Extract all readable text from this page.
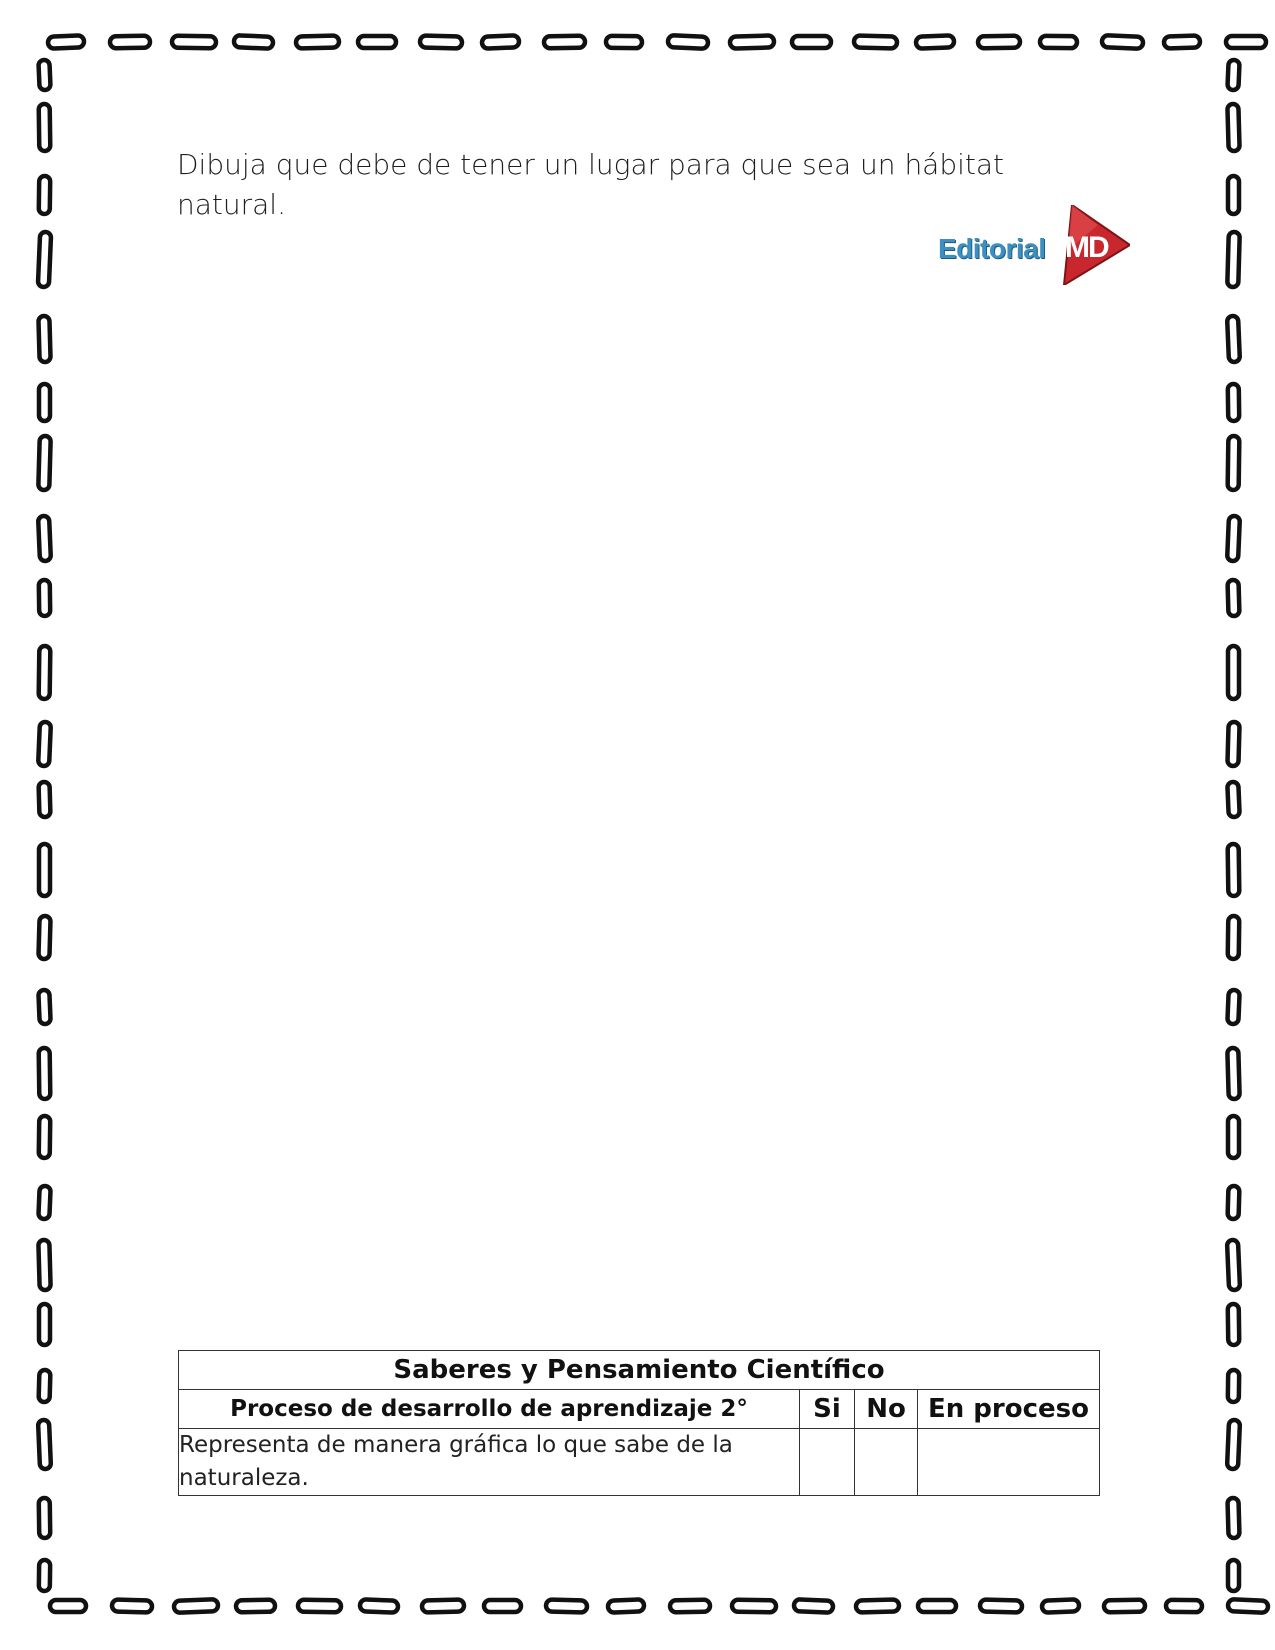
Dibuja que debe de tener un lugar para que sea un hábitat natural.

Editorial MD
Saberes y Pensamiento Científico			
Proceso de desarrollo de aprendizaje 2°	Si	No	En proceso
Representa de manera gráfica lo que sabe de la naturaleza.			
